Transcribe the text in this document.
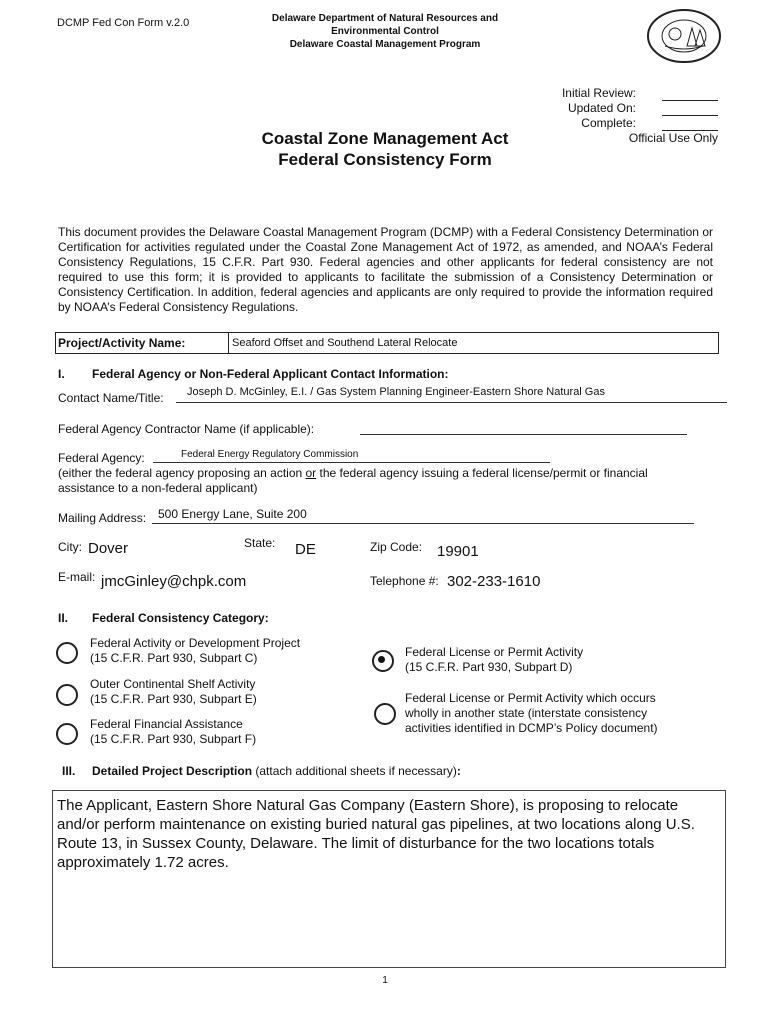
DCMP Fed Con Form v.2.0	Delaware Department of Natural Resources and
Environmental Control
Delaware Coastal Management Program
Initial Review:
Updated On:
Complete:
Official Use Only
Coastal Zone Management Act
Federal Consistency Form
This document provides the Delaware Coastal Management Program (DCMP) with a Federal Consistency Determination or Certification for activities regulated under the Coastal Zone Management Act of 1972, as amended, and NOAA’s Federal Consistency Regulations, 15 C.F.R. Part 930. Federal agencies and other applicants for federal consistency are not required to use this form; it is provided to applicants to facilitate the submission of a Consistency Determination or Consistency Certification. In addition, federal agencies and applicants are only required to provide the information required by NOAA’s Federal Consistency Regulations.
Project/Activity Name:	Seaford Offset and Southend Lateral Relocate
I. Federal Agency or Non-Federal Applicant Contact Information:
Contact Name/Title: Joseph D. McGinley, E.I. / Gas System Planning Engineer-Eastern Shore Natural Gas
Federal Agency Contractor Name (if applicable):
Federal Agency:	Federal Energy Regulatory Commission
(either the federal agency proposing an action or the federal agency issuing a federal license/permit or financial
assistance to a non-federal applicant)
Mailing Address: 500 Energy Lane, Suite 200
City: Dover	State: DE	Zip Code: 19901
E-mail: jmcGinley@chpk.com	Telephone #: 302-233-1610
II. Federal Consistency Category:
Federal Activity or Development Project
(15 C.F.R. Part 930, Subpart C)
Outer Continental Shelf Activity
(15 C.F.R. Part 930, Subpart E)
Federal Financial Assistance
(15 C.F.R. Part 930, Subpart F)
Federal License or Permit Activity
(15 C.F.R. Part 930, Subpart D)
Federal License or Permit Activity which occurs
wholly in another state (interstate consistency
activities identified in DCMP’s Policy document)
III. Detailed Project Description (attach additional sheets if necessary):
The Applicant, Eastern Shore Natural Gas Company (Eastern Shore), is proposing to relocate and/or perform maintenance on existing buried natural gas pipelines, at two locations along U.S. Route 13, in Sussex County, Delaware. The limit of disturbance for the two locations totals approximately 1.72 acres.
1
